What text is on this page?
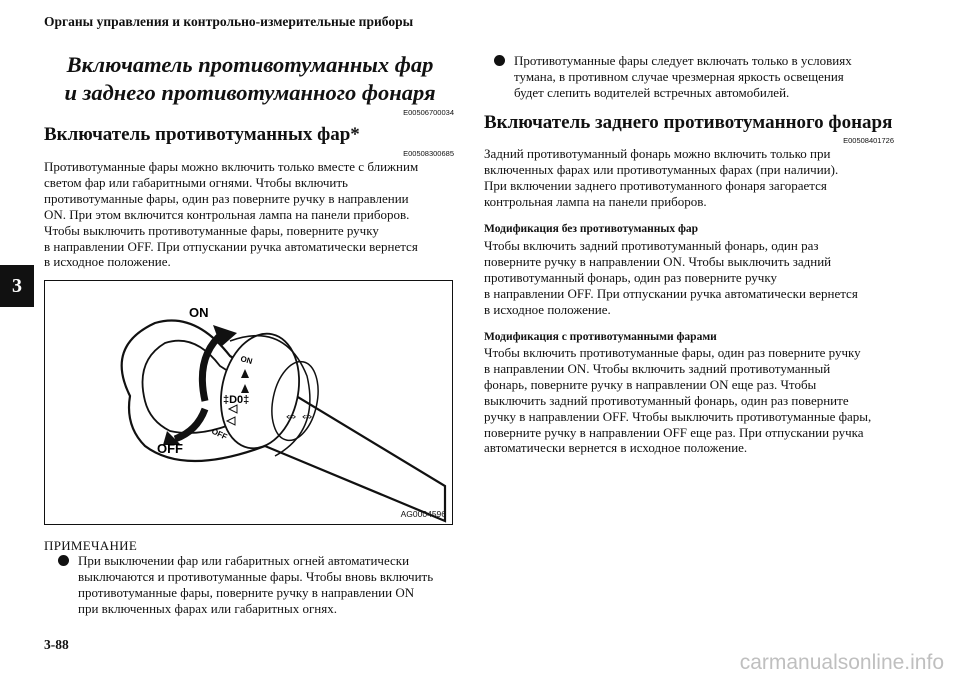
Органы управления и контрольно-измерительные приборы
3
Включатель противотуманных фар
и заднего противотуманного фонаря
E00506700034
Включатель противотуманных фар*
E00508300685
Противотуманные фары можно включить только вместе с ближним
светом фар или габаритными огнями. Чтобы включить
противотуманные фары, один раз поверните ручку в направлении
ON. При этом включится контрольная лампа на панели приборов.
Чтобы выключить противотуманные фары, поверните ручку
в направлении OFF. При отпускании ручка автоматически вернется
в исходное положение.
‡D0‡
⇔⇔
ON
OFF
ON
OFF
AG0004596
ПРИМЕЧАНИЕ
При выключении фар или габаритных огней автоматически
выключаются и противотуманные фары. Чтобы вновь включить
противотуманные фары, поверните ручку в направлении ON
при включенных фарах или габаритных огнях.
Противотуманные фары следует включать только в условиях
тумана, в противном случае чрезмерная яркость освещения
будет слепить водителей встречных автомобилей.
Включатель заднего противотуманного фонаря
E00508401726
Задний противотуманный фонарь можно включить только при
включенных фарах или противотуманных фарах (при наличии).
При включении заднего противотуманного фонаря загорается
контрольная лампа на панели приборов.
Модификация без противотуманных фар
Чтобы включить задний противотуманный фонарь, один раз
поверните ручку в направлении ON. Чтобы выключить задний
противотуманный фонарь, один раз поверните ручку
в направлении OFF. При отпускании ручка автоматически вернется
в исходное положение.
Модификация с противотуманными фарами
Чтобы включить противотуманные фары, один раз поверните ручку
в направлении ON. Чтобы включить задний противотуманный
фонарь, поверните ручку в направлении ON еще раз. Чтобы
выключить задний противотуманный фонарь, один раз поверните
ручку в направлении OFF. Чтобы выключить противотуманные фары,
поверните ручку в направлении OFF еще раз. При отпускании ручка
автоматически вернется в исходное положение.
3-88
carmanualsonline.info
